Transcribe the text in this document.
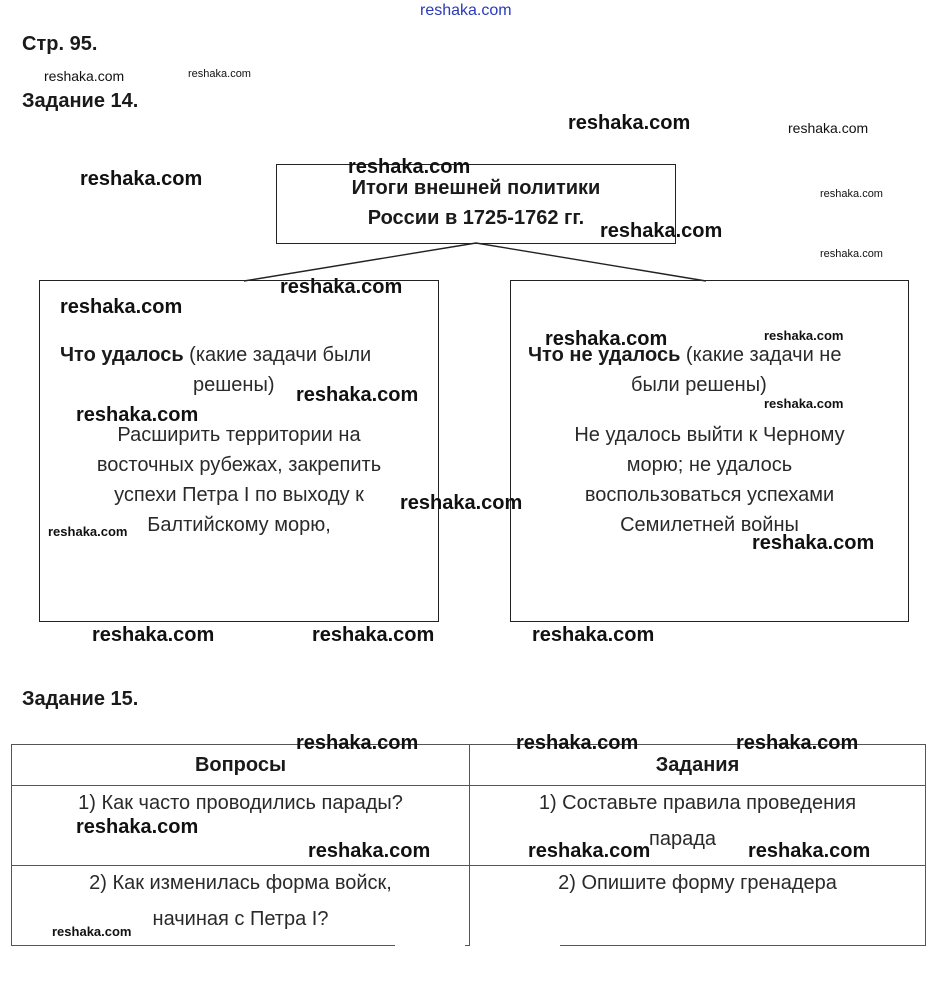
reshaka.com
Стр. 95.
Задание 14.
Итоги внешней политики
России в 1725-1762 гг.
Что удалось (какие задачи были
решены)
Расширить территории на
восточных рубежах, закрепить
успехи Петра I по выходу к
Балтийскому морю,
Что не удалось (какие задачи не
были решены)
Не удалось выйти к Черному
морю; не удалось
воспользоваться успехами
Семилетней войны
Задание 15.
Вопросы	Задания

1) Как часто проводились парады?	1) Составьте правила проведения
парада

2) Как изменилась форма войск,
начиная с Петра I?	2) Опишите форму гренадера
reshaka.com
reshaka.com
reshaka.com
reshaka.com
reshaka.com
reshaka.com
reshaka.com
reshaka.com
reshaka.com
reshaka.com
reshaka.com
reshaka.com	reshaka.com	reshaka.com
reshaka.com	reshaka.com	reshaka.com
reshaka.com
reshaka.com	reshaka.com	reshaka.com
reshaka.com	reshaka.com
reshaka.com
reshaka.com
reshaka.com
reshaka.com
reshaka.com
reshaka.com
reshaka.com
